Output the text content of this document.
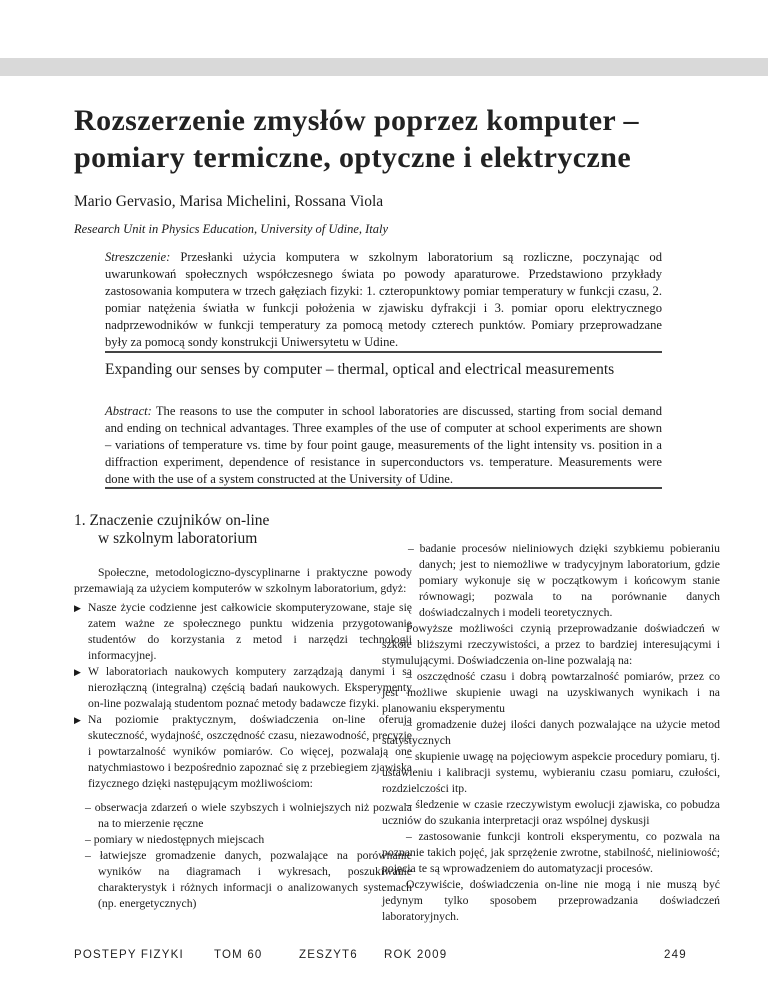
Rozszerzenie zmysłów poprzez komputer – pomiary termiczne, optyczne i elektryczne
Mario Gervasio, Marisa Michelini, Rossana Viola
Research Unit in Physics Education, University of Udine, Italy
Streszczenie: Przesłanki użycia komputera w szkolnym laboratorium są rozliczne, poczynając od uwarunkowań społecznych współczesnego świata po powody aparaturowe. Przedstawiono przykłady zastosowania komputera w trzech gałęziach fizyki: 1. czteropunktowy pomiar temperatury w funkcji czasu, 2. pomiar natężenia światła w funkcji położenia w zjawisku dyfrakcji i 3. pomiar oporu elektrycznego nadprzewodników w funkcji temperatury za pomocą metody czterech punktów. Pomiary przeprowadzane były za pomocą sondy konstrukcji Uniwersytetu w Udine.
Expanding our senses by computer – thermal, optical and electrical measurements
Abstract: The reasons to use the computer in school laboratories are discussed, starting from social demand and ending on technical advantages. Three examples of the use of computer at school experiments are shown – variations of temperature vs. time by four point gauge, measurements of the light intensity vs. position in a diffraction experiment, dependence of resistance in superconductors vs. temperature. Measurements were done with the use of a system constructed at the University of Udine.
1. Znaczenie czujników on-line
w szkolnym laboratorium

Społeczne, metodologiczno-dyscyplinarne i praktyczne powody przemawiają za użyciem komputerów w szkolnym laboratorium, gdyż:

▶ Nasze życie codzienne jest całkowicie skomputeryzowane, staje się zatem ważne ze społecznego punktu widzenia przygotowanie studentów do korzystania z metod i narzędzi technologii informacyjnej.
▶ W laboratoriach naukowych komputery zarządzają danymi i są nierozłączną (integralną) częścią badań naukowych. Eksperymenty on-line pozwalają studentom poznać metody badawcze fizyki.
▶ Na poziomie praktycznym, doświadczenia on-line oferują skuteczność, wydajność, oszczędność czasu, niezawodność, precyzję i powtarzalność wyników pomiarów. Co więcej, pozwalają one natychmiastowo i bezpośrednio zapoznać się z przebiegiem zjawiska fizycznego dzięki następującym możliwościom:

– obserwacja zdarzeń o wiele szybszych i wolniejszych niż pozwala na to mierzenie ręczne

– pomiary w niedostępnych miejscach

– łatwiejsze gromadzenie danych, pozwalające na porównanie wyników na diagramach i wykresach, poszukiwanie charakterystyk i różnych informacji o analizowanych systemach (np. energetycznych)

– badanie procesów nieliniowych dzięki szybkiemu pobieraniu danych; jest to niemożliwe w tradycyjnym laboratorium, gdzie pomiary wykonuje się w początkowym i końcowym stanie równowagi; pozwala to na porównanie danych doświadczalnych i modeli teoretycznych.

Powyższe możliwości czynią przeprowadzanie doświadczeń w szkole bliższymi rzeczywistości, a przez to bardziej interesującymi i stymulującymi. Doświadczenia on-line pozwalają na:

– oszczędność czasu i dobrą powtarzalność pomiarów, przez co jest możliwe skupienie uwagi na uzyskiwanych wynikach i na planowaniu eksperymentu

– gromadzenie dużej ilości danych pozwalające na użycie metod statystycznych

– skupienie uwagę na pojęciowym aspekcie procedury pomiaru, tj. ustawieniu i kalibracji systemu, wybieraniu czasu pomiaru, czułości, rozdzielczości itp.

– śledzenie w czasie rzeczywistym ewolucji zjawiska, co pobudza uczniów do szukania interpretacji oraz wspólnej dyskusji

– zastosowanie funkcji kontroli eksperymentu, co pozwala na poznanie takich pojęć, jak sprzężenie zwrotne, stabilność, nieliniowość; pojęcia te są wprowadzeniem do automatyzacji procesów.

Oczywiście, doświadczenia on-line nie mogą i nie muszą być jedynym tylko sposobem przeprowadzania doświadczeń laboratoryjnych.

POSTEPY FIZYKI	TOM 60	ZESZYT6 ROK 2009	249
